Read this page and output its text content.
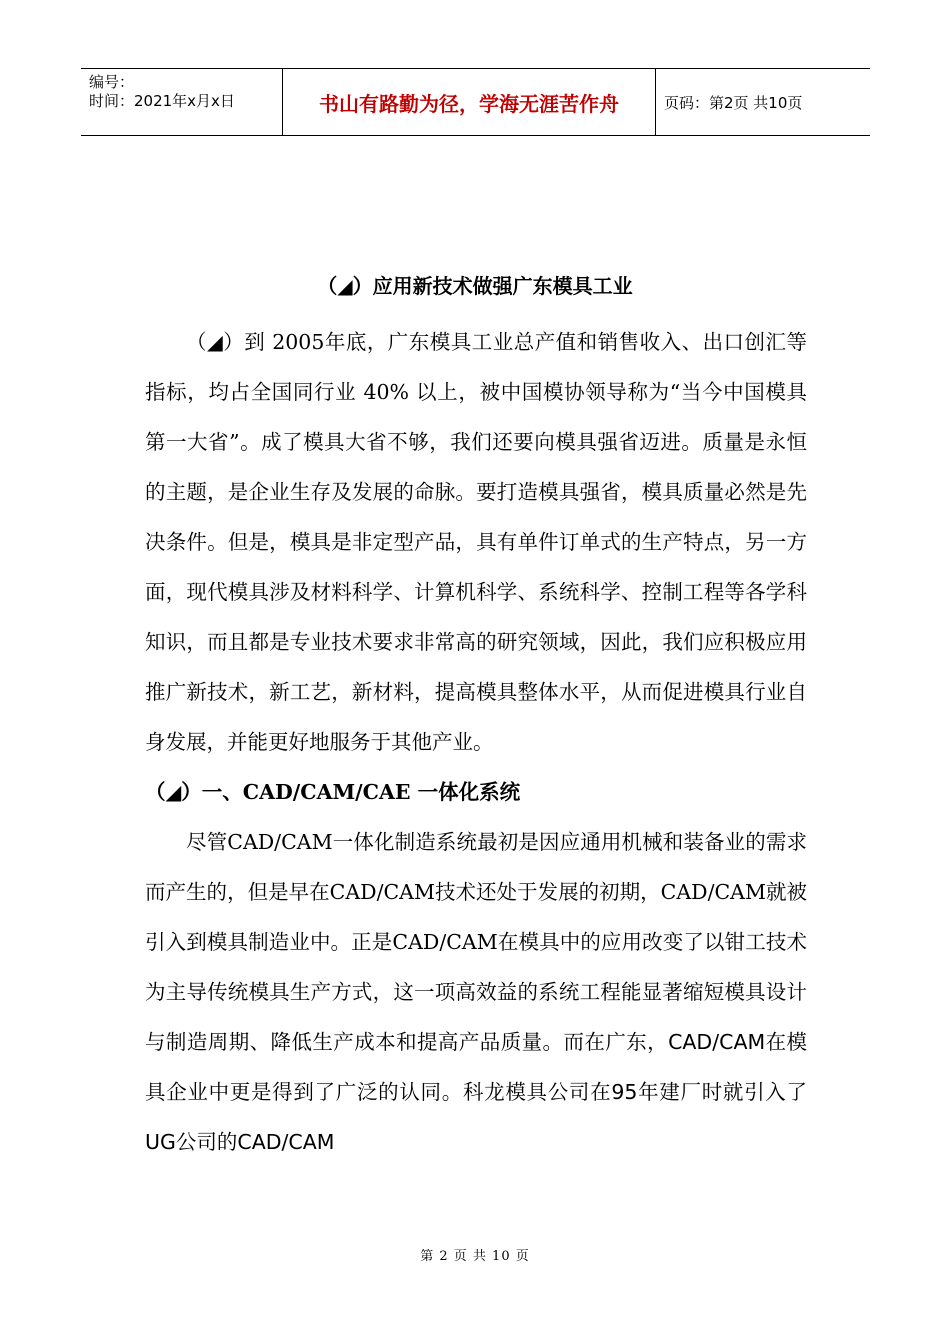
编号：
时间：2021年x月x日	书山有路勤为径，学海无涯苦作舟	页码：第2页 共10页
（◢）应用新技术做强广东模具工业

（◢）到 2005年底，广东模具工业总产值和销售收入、出口创汇等指标，均占全国同行业 40% 以上，被中国模协领导称为“当今中国模具第一大省”。成了模具大省不够，我们还要向模具强省迈进。质量是永恒的主题，是企业生存及发展的命脉。要打造模具强省，模具质量必然是先决条件。但是，模具是非定型产品，具有单件订单式的生产特点，另一方面，现代模具涉及材料科学、计算机科学、系统科学、控制工程等各学科知识，而且都是专业技术要求非常高的研究领域，因此，我们应积极应用推广新技术，新工艺，新材料，提高模具整体水平，从而促进模具行业自身发展，并能更好地服务于其他产业。

（◢）一、CAD/CAM/CAE 一体化系统

尽管CAD/CAM一体化制造系统最初是因应通用机械和装备业的需求而产生的，但是早在CAD/CAM技术还处于发展的初期，CAD/CAM就被引入到模具制造业中。正是CAD/CAM在模具中的应用改变了以钳工技术为主导传统模具生产方式，这一项高效益的系统工程能显著缩短模具设计与制造周期、降低生产成本和提高产品质量。而在广东，CAD/CAM在模具企业中更是得到了广泛的认同。科龙模具公司在95年建厂时就引入了UG公司的CAD/CAM

第 2 页 共 10 页
